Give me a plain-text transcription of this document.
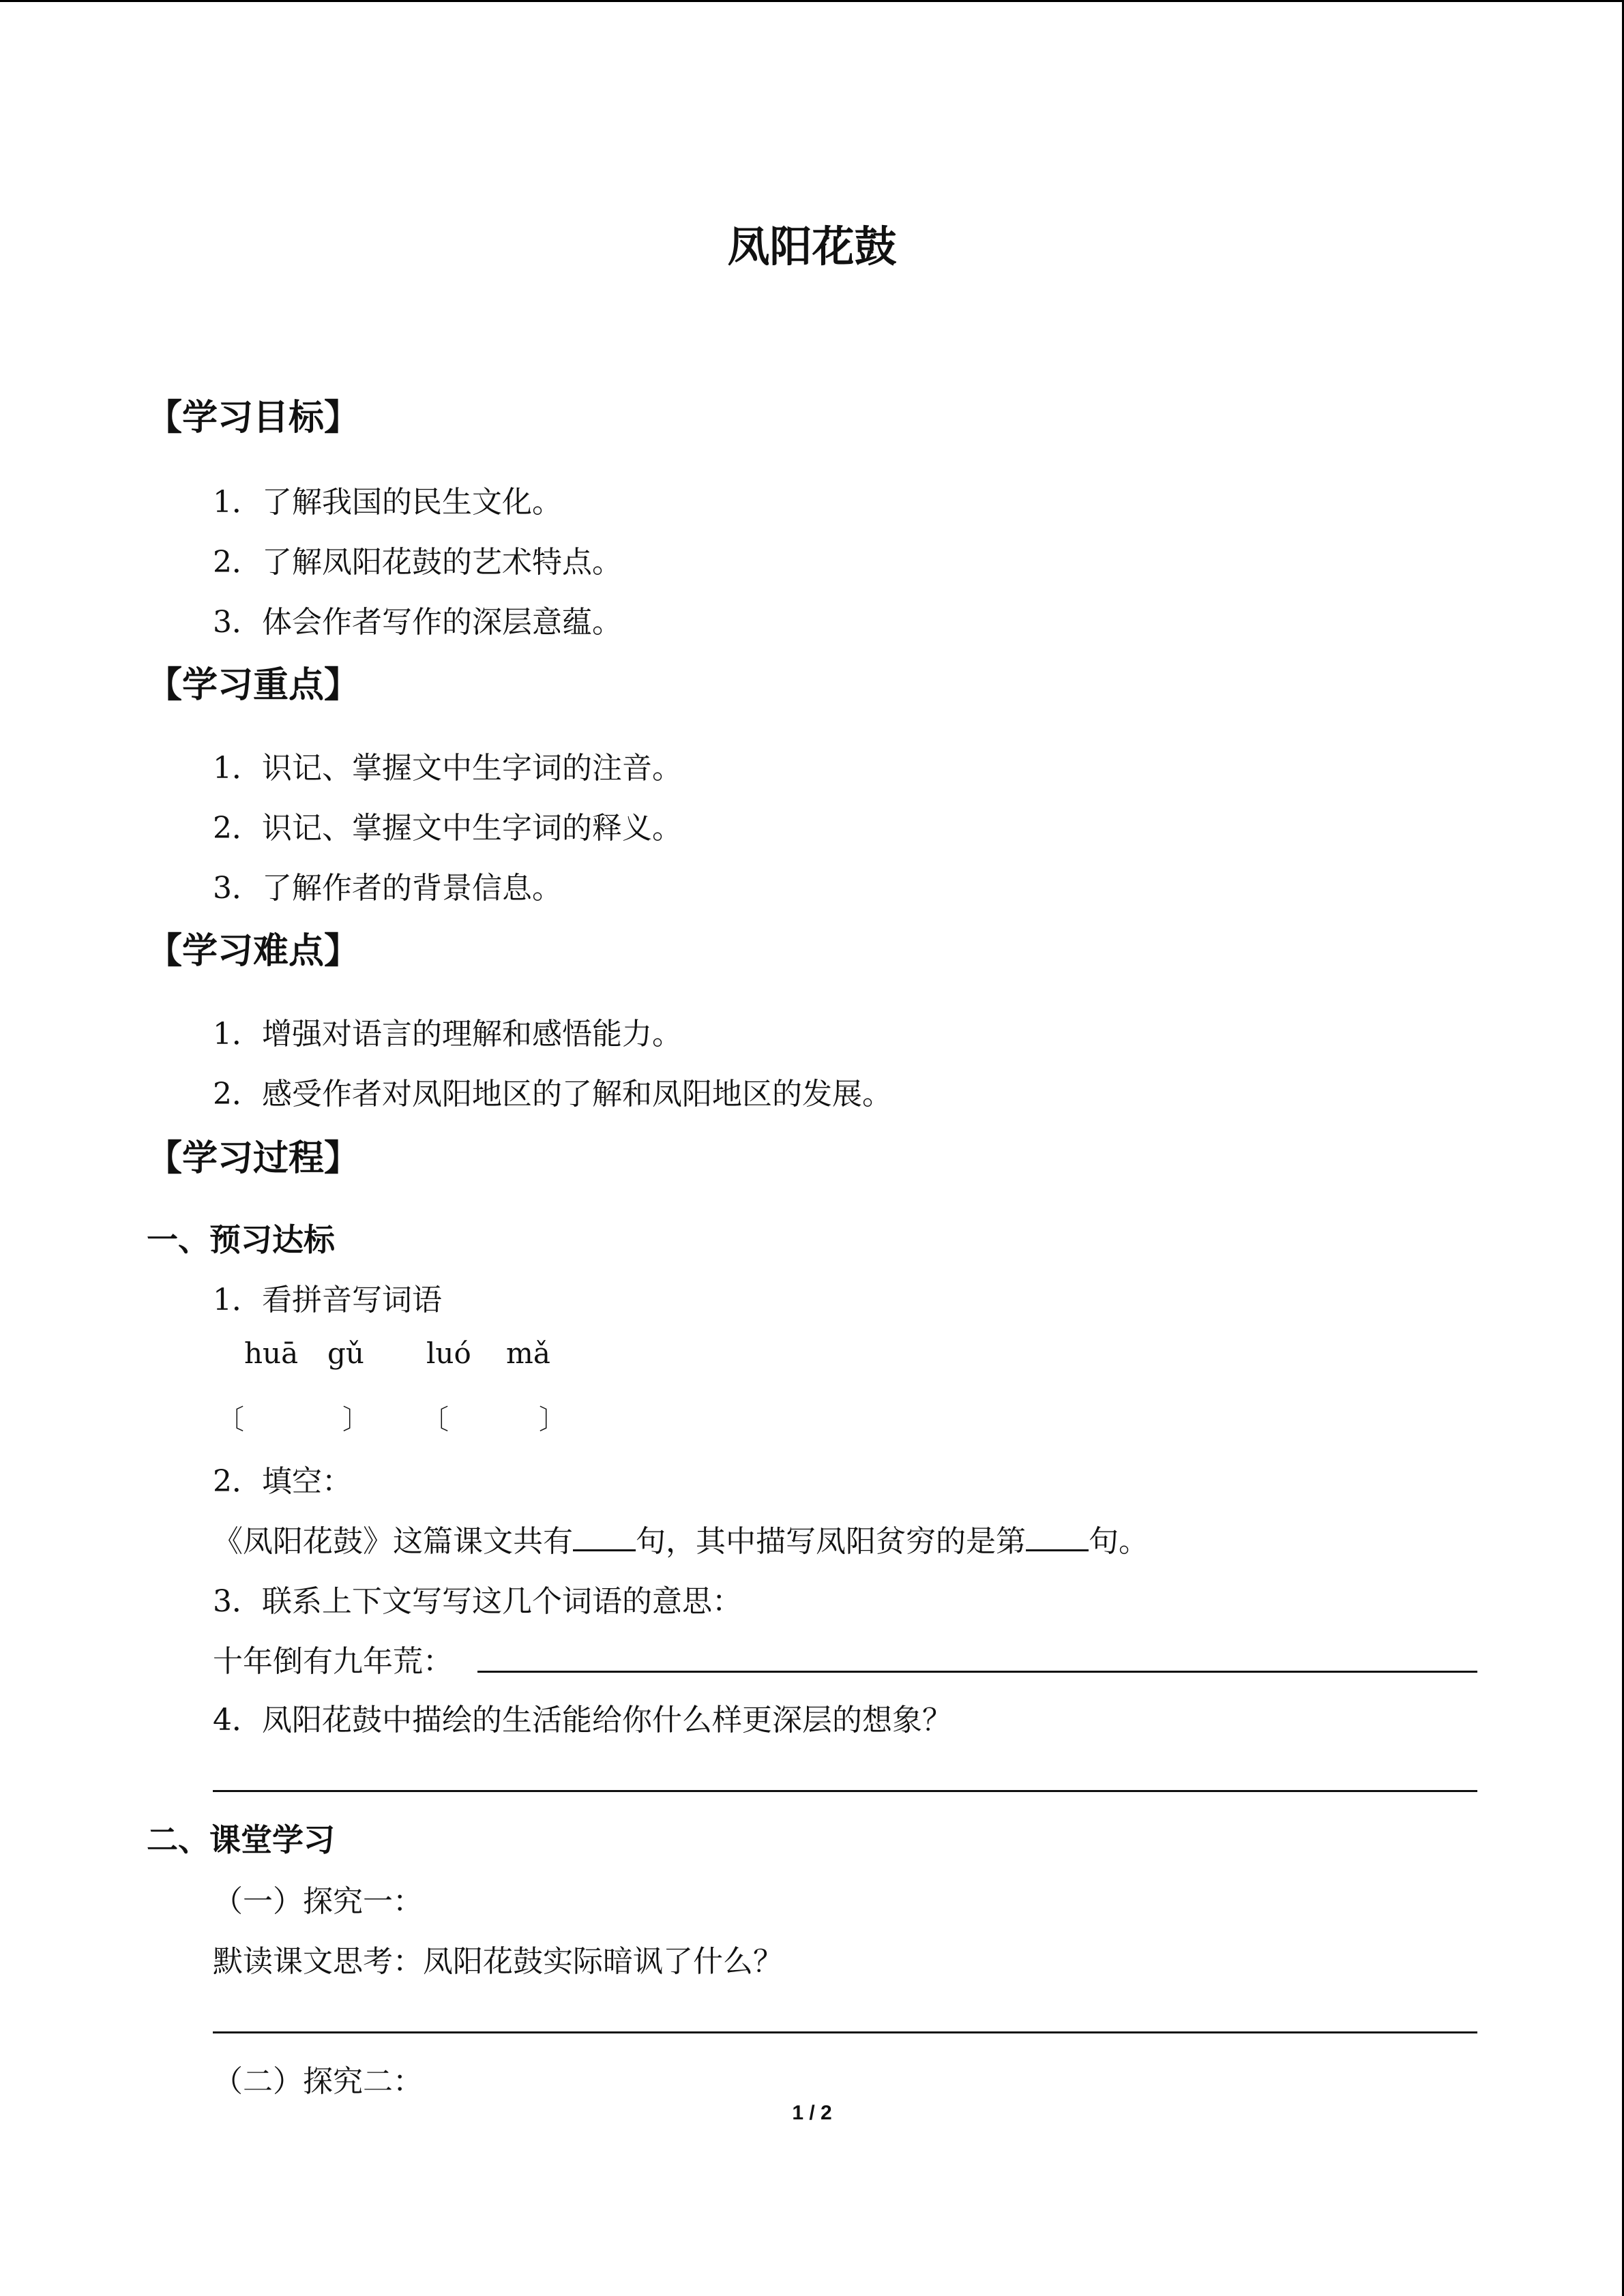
凤阳花鼓
【学习目标】
1．了解我国的民生文化。
2．了解凤阳花鼓的艺术特点。
3．体会作者写作的深层意蕴。
【学习重点】
1．识记、掌握文中生字词的注音。
2．识记、掌握文中生字词的释义。
3．了解作者的背景信息。
【学习难点】
1．增强对语言的理解和感悟能力。
2．感受作者对凤阳地区的了解和凤阳地区的发展。
【学习过程】
一、预习达标
1．看拼音写词语
huā gǔ luó mǎ
〔	〕 〔	〕
2．填空：
《凤阳花鼓》这篇课文共有 句，其中描写凤阳贫穷的是第 句。
3．联系上下文写写这几个词语的意思：
十年倒有九年荒：
4．凤阳花鼓中描绘的生活能给你什么样更深层的想象？
二、课堂学习
（一）探究一：
默读课文思考：凤阳花鼓实际暗讽了什么？
（二）探究二：
1 / 2
